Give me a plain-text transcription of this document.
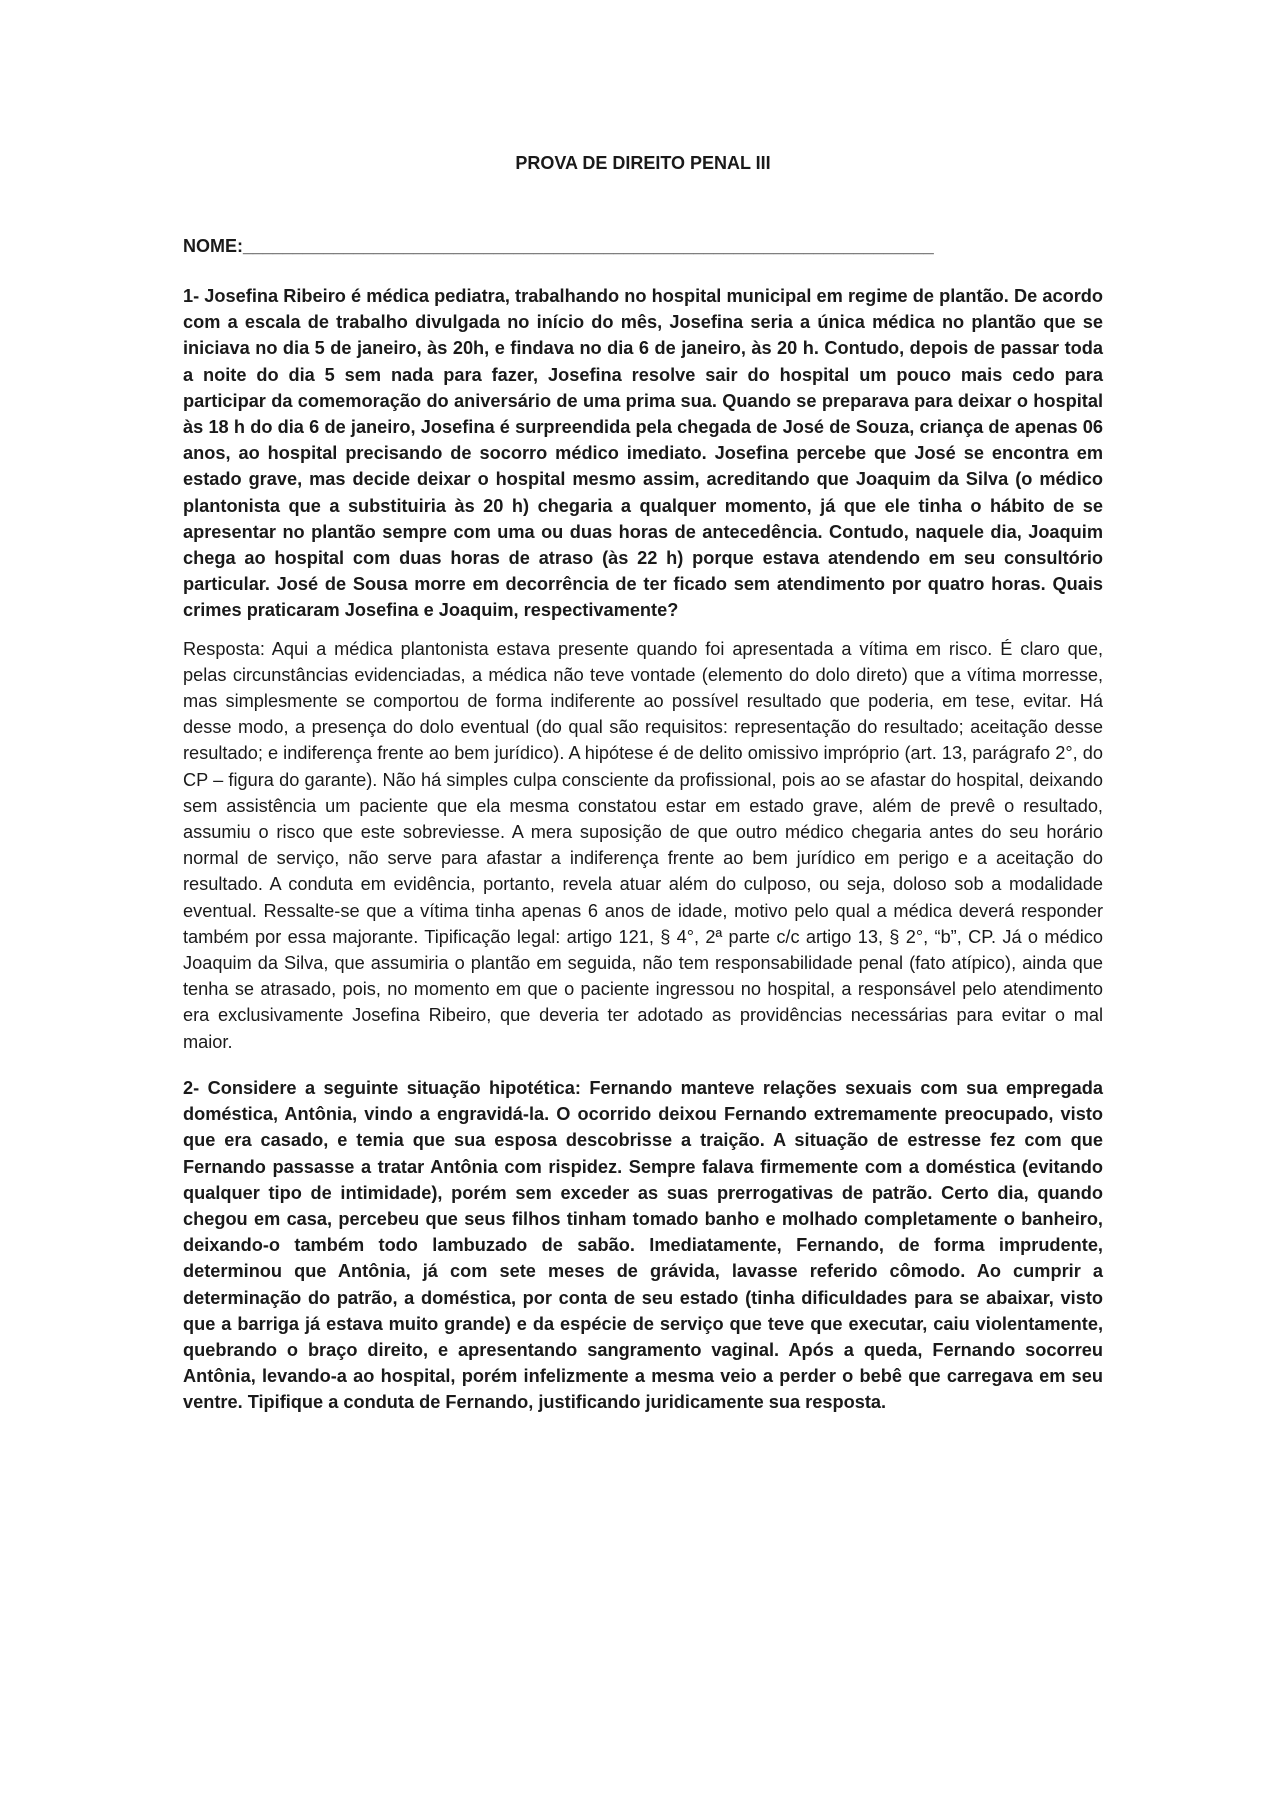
PROVA DE DIREITO PENAL III
NOME:_____________________________________________________________________

1- Josefina Ribeiro é médica pediatra, trabalhando no hospital municipal em regime de plantão. De acordo com a escala de trabalho divulgada no início do mês, Josefina seria a única médica no plantão que se iniciava no dia 5 de janeiro, às 20h, e findava no dia 6 de janeiro, às 20 h. Contudo, depois de passar toda a noite do dia 5 sem nada para fazer, Josefina resolve sair do hospital um pouco mais cedo para participar da comemoração do aniversário de uma prima sua. Quando se preparava para deixar o hospital às 18 h do dia 6 de janeiro, Josefina é surpreendida pela chegada de José de Souza, criança de apenas 06 anos, ao hospital precisando de socorro médico imediato. Josefina percebe que José se encontra em estado grave, mas decide deixar o hospital mesmo assim, acreditando que Joaquim da Silva (o médico plantonista que a substituiria às 20 h) chegaria a qualquer momento, já que ele tinha o hábito de se apresentar no plantão sempre com uma ou duas horas de antecedência. Contudo, naquele dia, Joaquim chega ao hospital com duas horas de atraso (às 22 h) porque estava atendendo em seu consultório particular. José de Sousa morre em decorrência de ter ficado sem atendimento por quatro horas. Quais crimes praticaram Josefina e Joaquim, respectivamente?

Resposta: Aqui a médica plantonista estava presente quando foi apresentada a vítima em risco. É claro que, pelas circunstâncias evidenciadas, a médica não teve vontade (elemento do dolo direto) que a vítima morresse, mas simplesmente se comportou de forma indiferente ao possível resultado que poderia, em tese, evitar. Há desse modo, a presença do dolo eventual (do qual são requisitos: representação do resultado; aceitação desse resultado; e indiferença frente ao bem jurídico). A hipótese é de delito omissivo impróprio (art. 13, parágrafo 2°, do CP – figura do garante). Não há simples culpa consciente da profissional, pois ao se afastar do hospital, deixando sem assistência um paciente que ela mesma constatou estar em estado grave, além de prevê o resultado, assumiu o risco que este sobreviesse. A mera suposição de que outro médico chegaria antes do seu horário normal de serviço, não serve para afastar a indiferença frente ao bem jurídico em perigo e a aceitação do resultado. A conduta em evidência, portanto, revela atuar além do culposo, ou seja, doloso sob a modalidade eventual. Ressalte-se que a vítima tinha apenas 6 anos de idade, motivo pelo qual a médica deverá responder também por essa majorante. Tipificação legal: artigo 121, § 4°, 2ª parte c/c artigo 13, § 2°, “b”, CP. Já o médico Joaquim da Silva, que assumiria o plantão em seguida, não tem responsabilidade penal (fato atípico), ainda que tenha se atrasado, pois, no momento em que o paciente ingressou no hospital, a responsável pelo atendimento era exclusivamente Josefina Ribeiro, que deveria ter adotado as providências necessárias para evitar o mal maior.

2- Considere a seguinte situação hipotética: Fernando manteve relações sexuais com sua empregada doméstica, Antônia, vindo a engravidá-la. O ocorrido deixou Fernando extremamente preocupado, visto que era casado, e temia que sua esposa descobrisse a traição. A situação de estresse fez com que Fernando passasse a tratar Antônia com rispidez. Sempre falava firmemente com a doméstica (evitando qualquer tipo de intimidade), porém sem exceder as suas prerrogativas de patrão. Certo dia, quando chegou em casa, percebeu que seus filhos tinham tomado banho e molhado completamente o banheiro, deixando-o também todo lambuzado de sabão. Imediatamente, Fernando, de forma imprudente, determinou que Antônia, já com sete meses de grávida, lavasse referido cômodo. Ao cumprir a determinação do patrão, a doméstica, por conta de seu estado (tinha dificuldades para se abaixar, visto que a barriga já estava muito grande) e da espécie de serviço que teve que executar, caiu violentamente, quebrando o braço direito, e apresentando sangramento vaginal. Após a queda, Fernando socorreu Antônia, levando-a ao hospital, porém infelizmente a mesma veio a perder o bebê que carregava em seu ventre. Tipifique a conduta de Fernando, justificando juridicamente sua resposta.
